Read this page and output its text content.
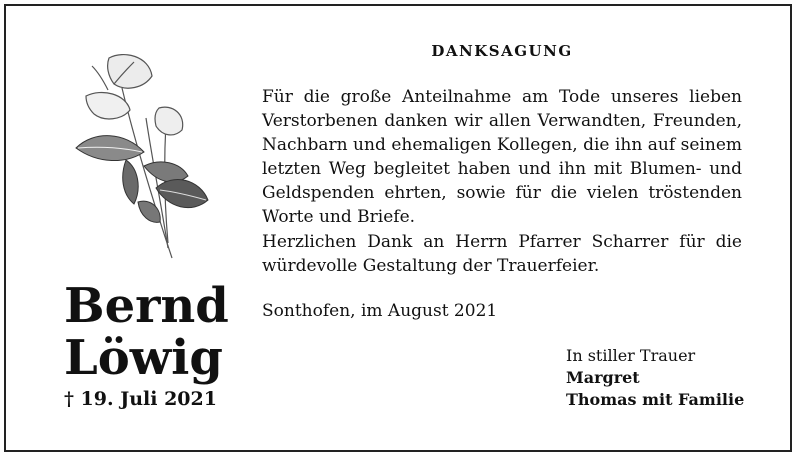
Bernd
Löwig
† 19. Juli 2021
DANKSAGUNG

Für die große Anteilnahme am Tode unseres lieben Verstorbenen danken wir allen Verwandten, Freunden, Nachbarn und ehemaligen Kollegen, die ihn auf seinem letzten Weg begleitet haben und ihn mit Blumen- und Geldspenden ehrten, sowie für die vielen tröstenden Worte und Briefe.

Herzlichen Dank an Herrn Pfarrer Scharrer für die würdevolle Gestaltung der Trauerfeier.

Sonthofen, im August 2021

In stiller Trauer
Margret
Thomas mit Familie
